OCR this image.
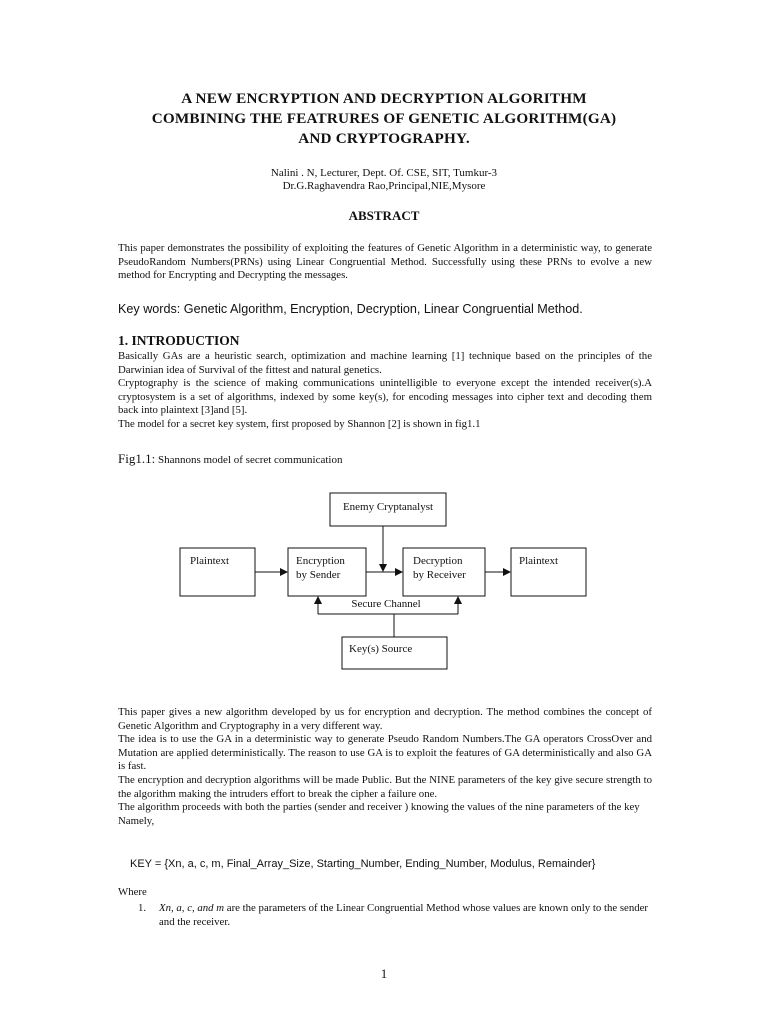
A NEW ENCRYPTION AND DECRYPTION ALGORITHM
COMBINING THE FEATRURES OF GENETIC ALGORITHM(GA)
AND CRYPTOGRAPHY.
Nalini . N, Lecturer, Dept. Of. CSE, SIT, Tumkur-3
Dr.G.Raghavendra Rao,Principal,NIE,Mysore
ABSTRACT

This paper demonstrates the possibility of exploiting the features of Genetic Algorithm in a deterministic way, to generate PseudoRandom Numbers(PRNs) using Linear Congruential Method. Successfully using these PRNs to evolve a new method for Encrypting and Decrypting the messages.

Key words: Genetic Algorithm, Encryption, Decryption, Linear Congruential Method.
1. INTRODUCTION

Basically GAs are a heuristic search, optimization and machine learning [1] technique based on the principles of the Darwinian idea of Survival of the fittest and natural genetics.

Cryptography is the science of making communications unintelligible to everyone except the intended receiver(s).A cryptosystem is a set of algorithms, indexed by some key(s), for encoding messages into cipher text and decoding them back into plaintext [3]and [5].

The model for a secret key system, first proposed by Shannon [2] is shown in fig1.1

Fig1.1: Shannons model of secret communication
Enemy Cryptanalyst
Plaintext	Encryption
by Sender
Decryption
by Receiver
Plaintext
Secure Channel
Key(s) Source

This paper gives a new algorithm developed by us for encryption and decryption. The method combines the concept of Genetic Algorithm and Cryptography in a very different way.

The idea is to use the GA in a deterministic way to generate Pseudo Random Numbers.The GA operators CrossOver and Mutation are applied deterministically. The reason to use GA is to exploit the features of GA deterministically and also GA is fast.

The encryption and decryption algorithms will be made Public. But the NINE parameters of the key give secure strength to the algorithm making the intruders effort to break the cipher a failure one.

The algorithm proceeds with both the parties (sender and receiver ) knowing the values of the nine parameters of the key

Namely,

KEY = {Xn, a, c, m, Final_Array_Size, Starting_Number, Ending_Number, Modulus, Remainder}
Where
1. Xn, a, c, and m are the parameters of the Linear Congruential Method whose values are known only to the sender and the receiver.
1
